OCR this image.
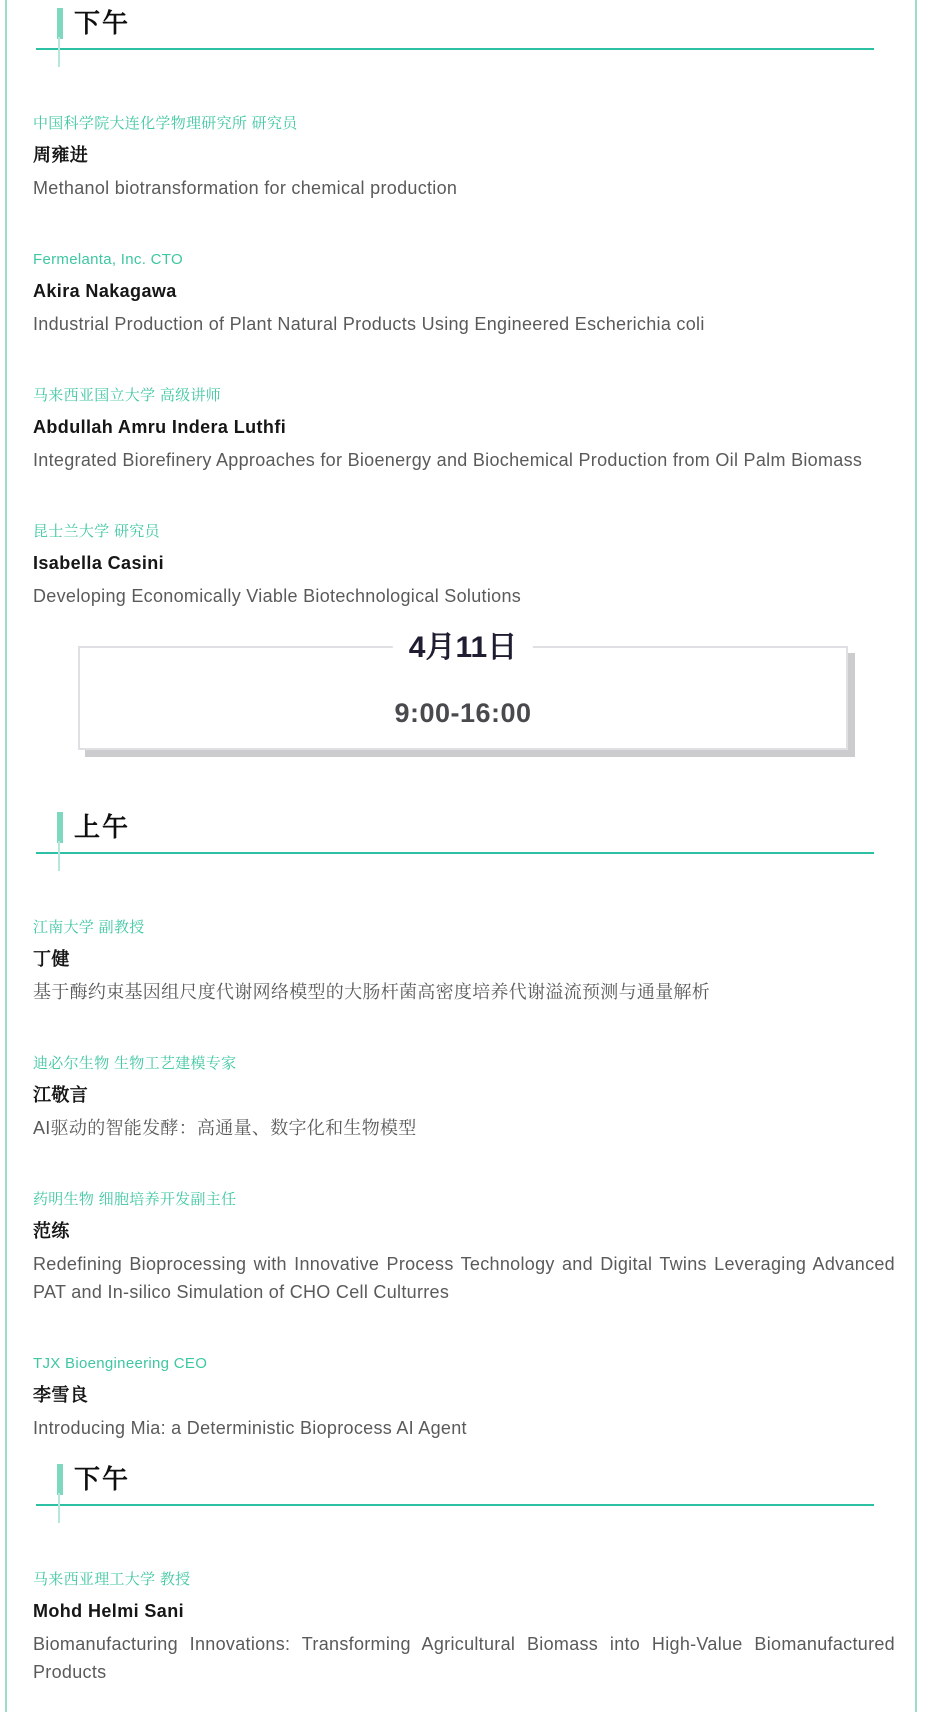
下午
中国科学院大连化学物理研究所 研究员
周雍进
Methanol biotransformation for chemical production
Fermelanta, Inc. CTO
Akira Nakagawa
Industrial Production of Plant Natural Products Using Engineered Escherichia coli
马来西亚国立大学 高级讲师
Abdullah Amru Indera Luthfi
Integrated Biorefinery Approaches for Bioenergy and Biochemical Production from Oil Palm Biomass
昆士兰大学 研究员
Isabella Casini
Developing Economically Viable Biotechnological Solutions
4月11日
9:00-16:00
上午
江南大学 副教授
丁健
基于酶约束基因组尺度代谢网络模型的大肠杆菌高密度培养代谢溢流预测与通量解析
迪必尔生物 生物工艺建模专家
江敬言
AI驱动的智能发酵：高通量、数字化和生物模型
药明生物 细胞培养开发副主任
范练
Redefining Bioprocessing with Innovative Process Technology and Digital Twins Leveraging Advanced PAT and In-silico Simulation of CHO Cell Culturres
TJX Bioengineering CEO
李雪良
Introducing Mia: a Deterministic Bioprocess AI Agent
下午
马来西亚理工大学 教授
Mohd Helmi Sani
Biomanufacturing Innovations: Transforming Agricultural Biomass into High-Value Biomanufactured Products
